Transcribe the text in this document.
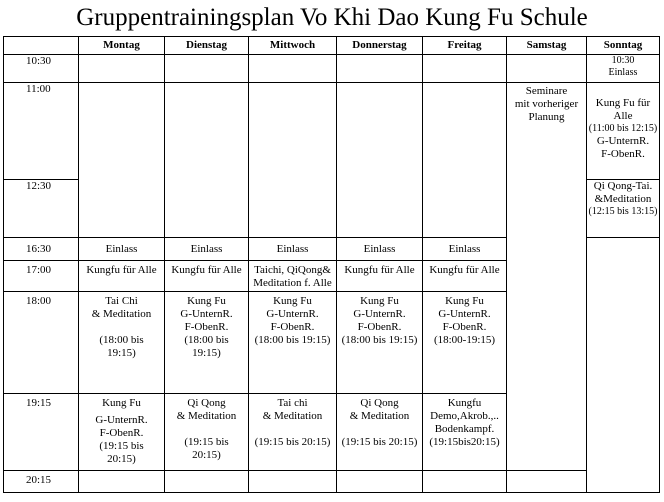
Gruppentrainingsplan Vo Khi Dao Kung Fu Schule
	Montag	Dienstag	Mittwoch	Donnerstag	Freitag	Samstag	Sonntag	
10:30							10:30
Einlass	

11:00						Seminare
mit vorheriger
Planung	Kung Fu für
Alle
(11:00 bis 12:15)
G-UnternR.
F-ObenR.	

12:30							Qi Qong-Tai.
&Meditation
(12:15 bis 13:15)	

16:30	Einlass	Einlass	Einlass	Einlass	Einlass			
17:00	Kungfu für Alle	Kungfu für Alle	Taichi, QiQong&
Meditation f. Alle	Kungfu für Alle	Kungfu für Alle			
18:00	Tai Chi
& Meditation
(18:00 bis
19:15)	Kung Fu
G-UnternR.
F-ObenR.
(18:00 bis
19:15)	Kung Fu
G-UnternR.
F-ObenR.
(18:00 bis 19:15)	Kung Fu
G-UnternR.
F-ObenR.
(18:00 bis 19:15)	Kung Fu
G-UnternR.
F-ObenR.
(18:00-19:15)			

19:15	Kung Fu
G-UnternR.
F-ObenR.
(19:15 bis
20:15)	Qi Qong
& Meditation
(19:15 bis
20:15)	Tai chi
& Meditation
(19:15 bis 20:15)	Qi Qong
& Meditation
(19:15 bis 20:15)	Kungfu
Demo,Akrob.,..
Bodenkampf.
(19:15bis20:15)			

20:15								
